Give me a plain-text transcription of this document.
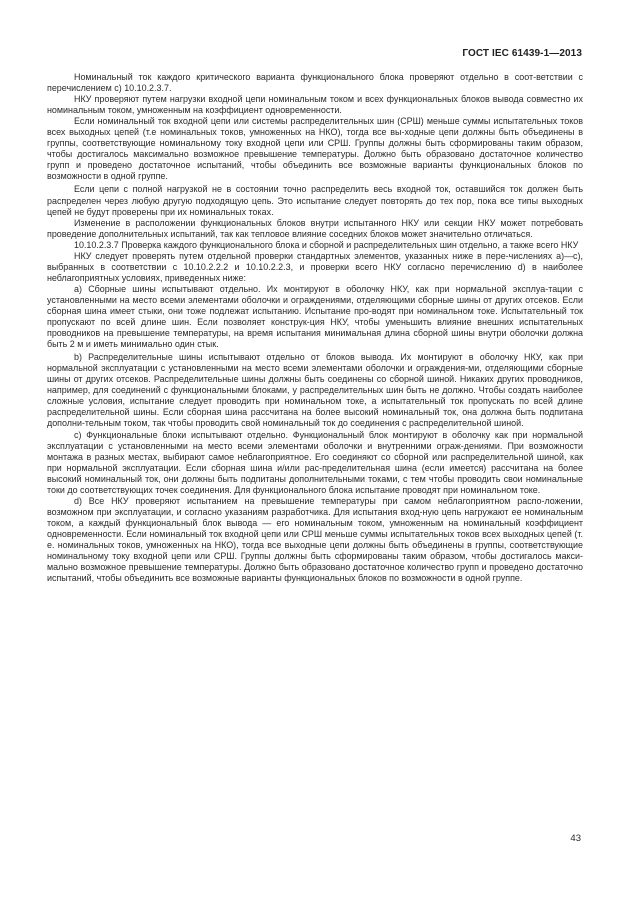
ГОСТ IEC 61439-1—2013

Номинальный ток каждого критического варианта функционального блока проверяют отдельно в соот-ветствии с перечислением с) 10.10.2.3.7.

НКУ проверяют путем нагрузки входной цепи номинальным током и всех функциональных блоков вывода совместно их номинальным током, умноженным на коэффициент одновременности.

Если номинальный ток входной цепи или системы распределительных шин (СРШ) меньше суммы испытательных токов всех выходных цепей (т.е номинальных токов, умноженных на НКО), тогда все вы-ходные цепи должны быть объединены в группы, соответствующие номинальному току входной цепи или СРШ. Группы должны быть сформированы таким образом, чтобы достигалось максимально возможное превышение температуры. Должно быть образовано достаточное количество групп и проведено достаточное испытаний, чтобы объединить все возможные варианты функциональных блоков по возможности в одной группе.

Если цепи с полной нагрузкой не в состоянии точно распределить весь входной ток, оставшийся ток должен быть распределен через любую другую подходящую цепь. Это испытание следует повторять до тех пор, пока все типы выходных цепей не будут проверены при их номинальных токах.

Изменение в расположении функциональных блоков внутри испытанного НКУ или секции НКУ может потребовать проведение дополнительных испытаний, так как тепловое влияние соседних блоков может значительно отличаться.

10.10.2.3.7 Проверка каждого функционального блока и сборной и распределительных шин отдельно, а также всего НКУ

НКУ следует проверять путем отдельной проверки стандартных элементов, указанных ниже в пере-числениях а)—с), выбранных в соответствии с 10.10.2.2.2 и 10.10.2.2.3, и проверки всего НКУ согласно перечислению d) в наиболее неблагоприятных условиях, приведенных ниже:

а) Сборные шины испытывают отдельно. Их монтируют в оболочку НКУ, как при нормальной эксплуа-тации с установленными на место всеми элементами оболочки и ограждениями, отделяющими сборные шины от других отсеков. Если сборная шина имеет стыки, они тоже подлежат испытанию. Испытание про-водят при номинальном токе. Испытательный ток пропускают по всей длине шин. Если позволяет конструк-ция НКУ, чтобы уменьшить влияние внешних испытательных проводников на превышение температуры, на время испытания минимальная длина сборной шины внутри оболочки должна быть 2 м и иметь минимально один стык.

b) Распределительные шины испытывают отдельно от блоков вывода. Их монтируют в оболочку НКУ, как при нормальной эксплуатации с установленными на место всеми элементами оболочки и ограждения-ми, отделяющими сборные шины от других отсеков. Распределительные шины должны быть соединены со сборной шиной. Никаких других проводников, например, для соединений с функциональными блоками, у распределительных шин быть не должно. Чтобы создать наиболее сложные условия, испытание следует проводить при номинальном токе, а испытательный ток пропускать по всей длине распределительной шины. Если сборная шина рассчитана на более высокий номинальный ток, она должна быть подпитана дополни-тельным током, так чтобы проводить свой номинальный ток до соединения с распределительной шиной.

с) Функциональные блоки испытывают отдельно. Функциональный блок монтируют в оболочку как при нормальной эксплуатации с установленными на место всеми элементами оболочки и внутренними ограж-дениями. При возможности монтажа в разных местах, выбирают самое неблагоприятное. Его соединяют со сборной или распределительной шиной, как при нормальной эксплуатации. Если сборная шина и/или рас-пределительная шина (если имеется) рассчитана на более высокий номинальный ток, они должны быть подпитаны дополнительными токами, с тем чтобы проводить свои номинальные токи до соответствующих точек соединения. Для функционального блока испытание проводят при номинальном токе.

d) Все НКУ проверяют испытанием на превышение температуры при самом неблагоприятном распо-ложении, возможном при эксплуатации, и согласно указаниям разработчика. Для испытания вход-ную цепь нагружают ее номинальным током, а каждый функциональный блок вывода — его номинальным током, умноженным на номинальный коэффициент одновременности. Если номинальный ток входной цепи или СРШ меньше суммы испытательных токов всех выходных цепей (т. е. номинальных токов, умноженных на НКО), тогда все выходные цепи должны быть объединены в группы, соответствующие номинальному току входной цепи или СРШ. Группы должны быть сформированы таким образом, чтобы достигалось макси-мально возможное превышение температуры. Должно быть образовано достаточное количество групп и проведено достаточно испытаний, чтобы объединить все возможные варианты функциональных блоков по возможности в одной группе.

43
